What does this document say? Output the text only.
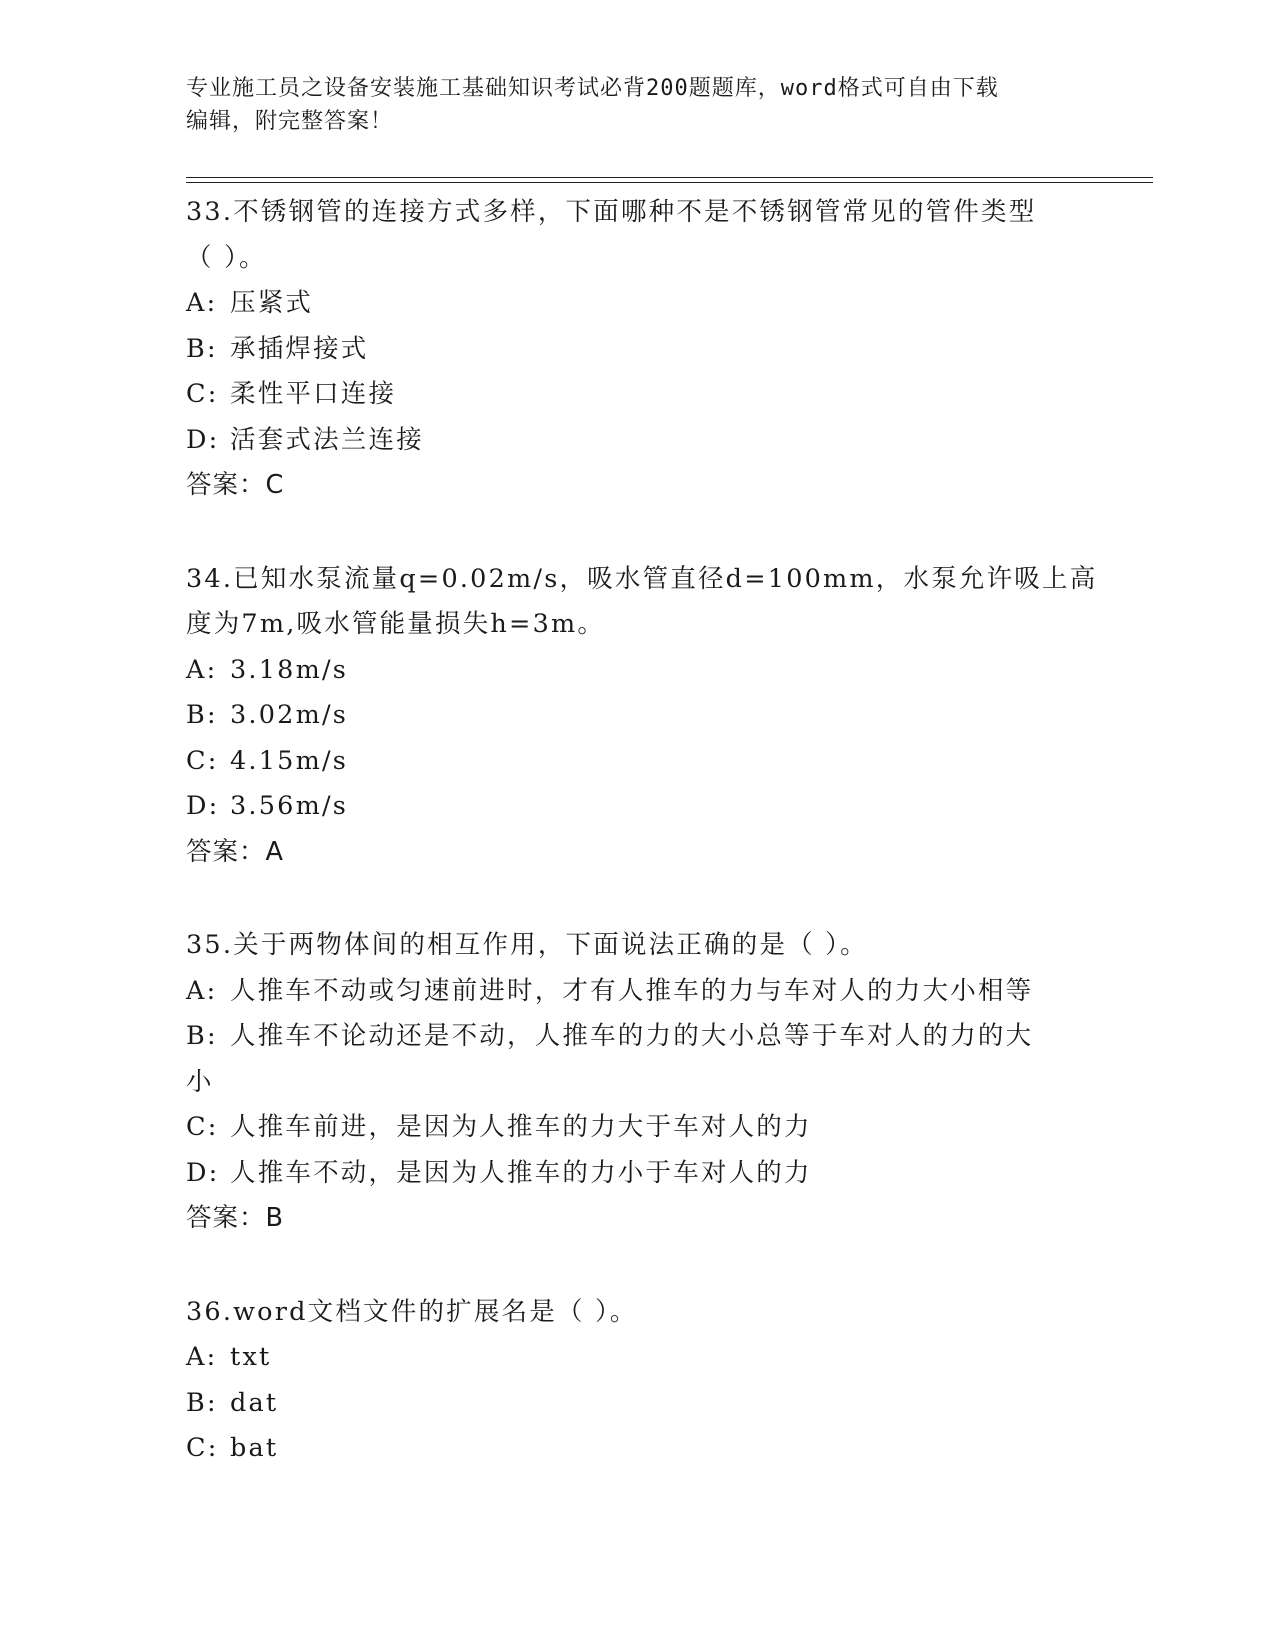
专业施工员之设备安装施工基础知识考试必背200题题库，word格式可自由下载
编辑，附完整答案！
33.不锈钢管的连接方式多样，下面哪种不是不锈钢管常见的管件类型
（ ）。
A: 压紧式
B: 承插焊接式
C: 柔性平口连接
D: 活套式法兰连接
答案：C
34.已知水泵流量q=0.02m/s，吸水管直径d=100mm，水泵允许吸上高
度为7m,吸水管能量损失h=3m。
A: 3.18m/s
B: 3.02m/s
C: 4.15m/s
D: 3.56m/s
答案：A
35.关于两物体间的相互作用，下面说法正确的是（ ）。
A: 人推车不动或匀速前进时，才有人推车的力与车对人的力大小相等
B: 人推车不论动还是不动，人推车的力的大小总等于车对人的力的大
小
C: 人推车前进，是因为人推车的力大于车对人的力
D: 人推车不动，是因为人推车的力小于车对人的力
答案：B
36.word文档文件的扩展名是（ ）。
A: txt
B: dat
C: bat
